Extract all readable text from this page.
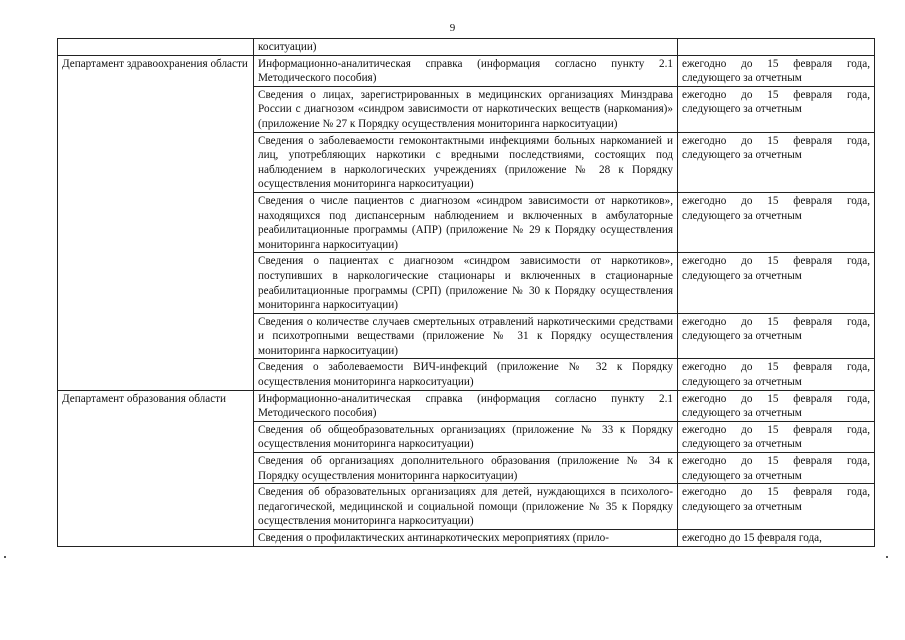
9
	коситуации)	
Департамент здравоохранения области	Информационно-аналитическая справка (информация согласно пункту 2.1 Методического пособия)	ежегодно до 15 февраля года, следующего за отчетным
	Сведения о лицах, зарегистрированных в медицинских организациях Минздрава России с диагнозом «синдром зависимости от наркотических веществ (наркомания)» (приложение № 27 к Порядку осуществления мониторинга наркоситуации)	ежегодно до 15 февраля года, следующего за отчетным
	Сведения о заболеваемости гемоконтактными инфекциями больных наркоманией и лиц, употребляющих наркотики с вредными последствиями, состоящих под наблюдением в наркологических учреждениях (приложение № 28 к Порядку осуществления мониторинга наркоситуации)	ежегодно до 15 февраля года, следующего за отчетным
	Сведения о числе пациентов с диагнозом «синдром зависимости от наркотиков», находящихся под диспансерным наблюдением и включенных в амбулаторные реабилитационные программы (АПР) (приложение № 29 к Порядку осуществления мониторинга наркоситуации)	ежегодно до 15 февраля года, следующего за отчетным
	Сведения о пациентах с диагнозом «синдром зависимости от наркотиков», поступивших в наркологические стационары и включенных в стационарные реабилитационные программы (СРП) (приложение № 30 к Порядку осуществления мониторинга наркоситуации)	ежегодно до 15 февраля года, следующего за отчетным
	Сведения о количестве случаев смертельных отравлений наркотическими средствами и психотропными веществами (приложение № 31 к Порядку осуществления мониторинга наркоситуации)	ежегодно до 15 февраля года, следующего за отчетным
	Сведения о заболеваемости ВИЧ-инфекций (приложение № 32 к Порядку осуществления мониторинга наркоситуации)	ежегодно до 15 февраля года, следующего за отчетным
Департамент образования области	Информационно-аналитическая справка (информация согласно пункту 2.1 Методического пособия)	ежегодно до 15 февраля года, следующего за отчетным
	Сведения об общеобразовательных организациях (приложение № 33 к Порядку осуществления мониторинга наркоситуации)	ежегодно до 15 февраля года, следующего за отчетным
	Сведения об организациях дополнительного образования (приложение № 34 к Порядку осуществления мониторинга наркоситуации)	ежегодно до 15 февраля года, следующего за отчетным
	Сведения об образовательных организациях для детей, нуждающихся в психолого-педагогической, медицинской и социальной помощи (приложение № 35 к Порядку осуществления мониторинга наркоситуации)	ежегодно до 15 февраля года, следующего за отчетным
	Сведения о профилактических антинаркотических мероприятиях (прило-	ежегодно до 15 февраля года,
